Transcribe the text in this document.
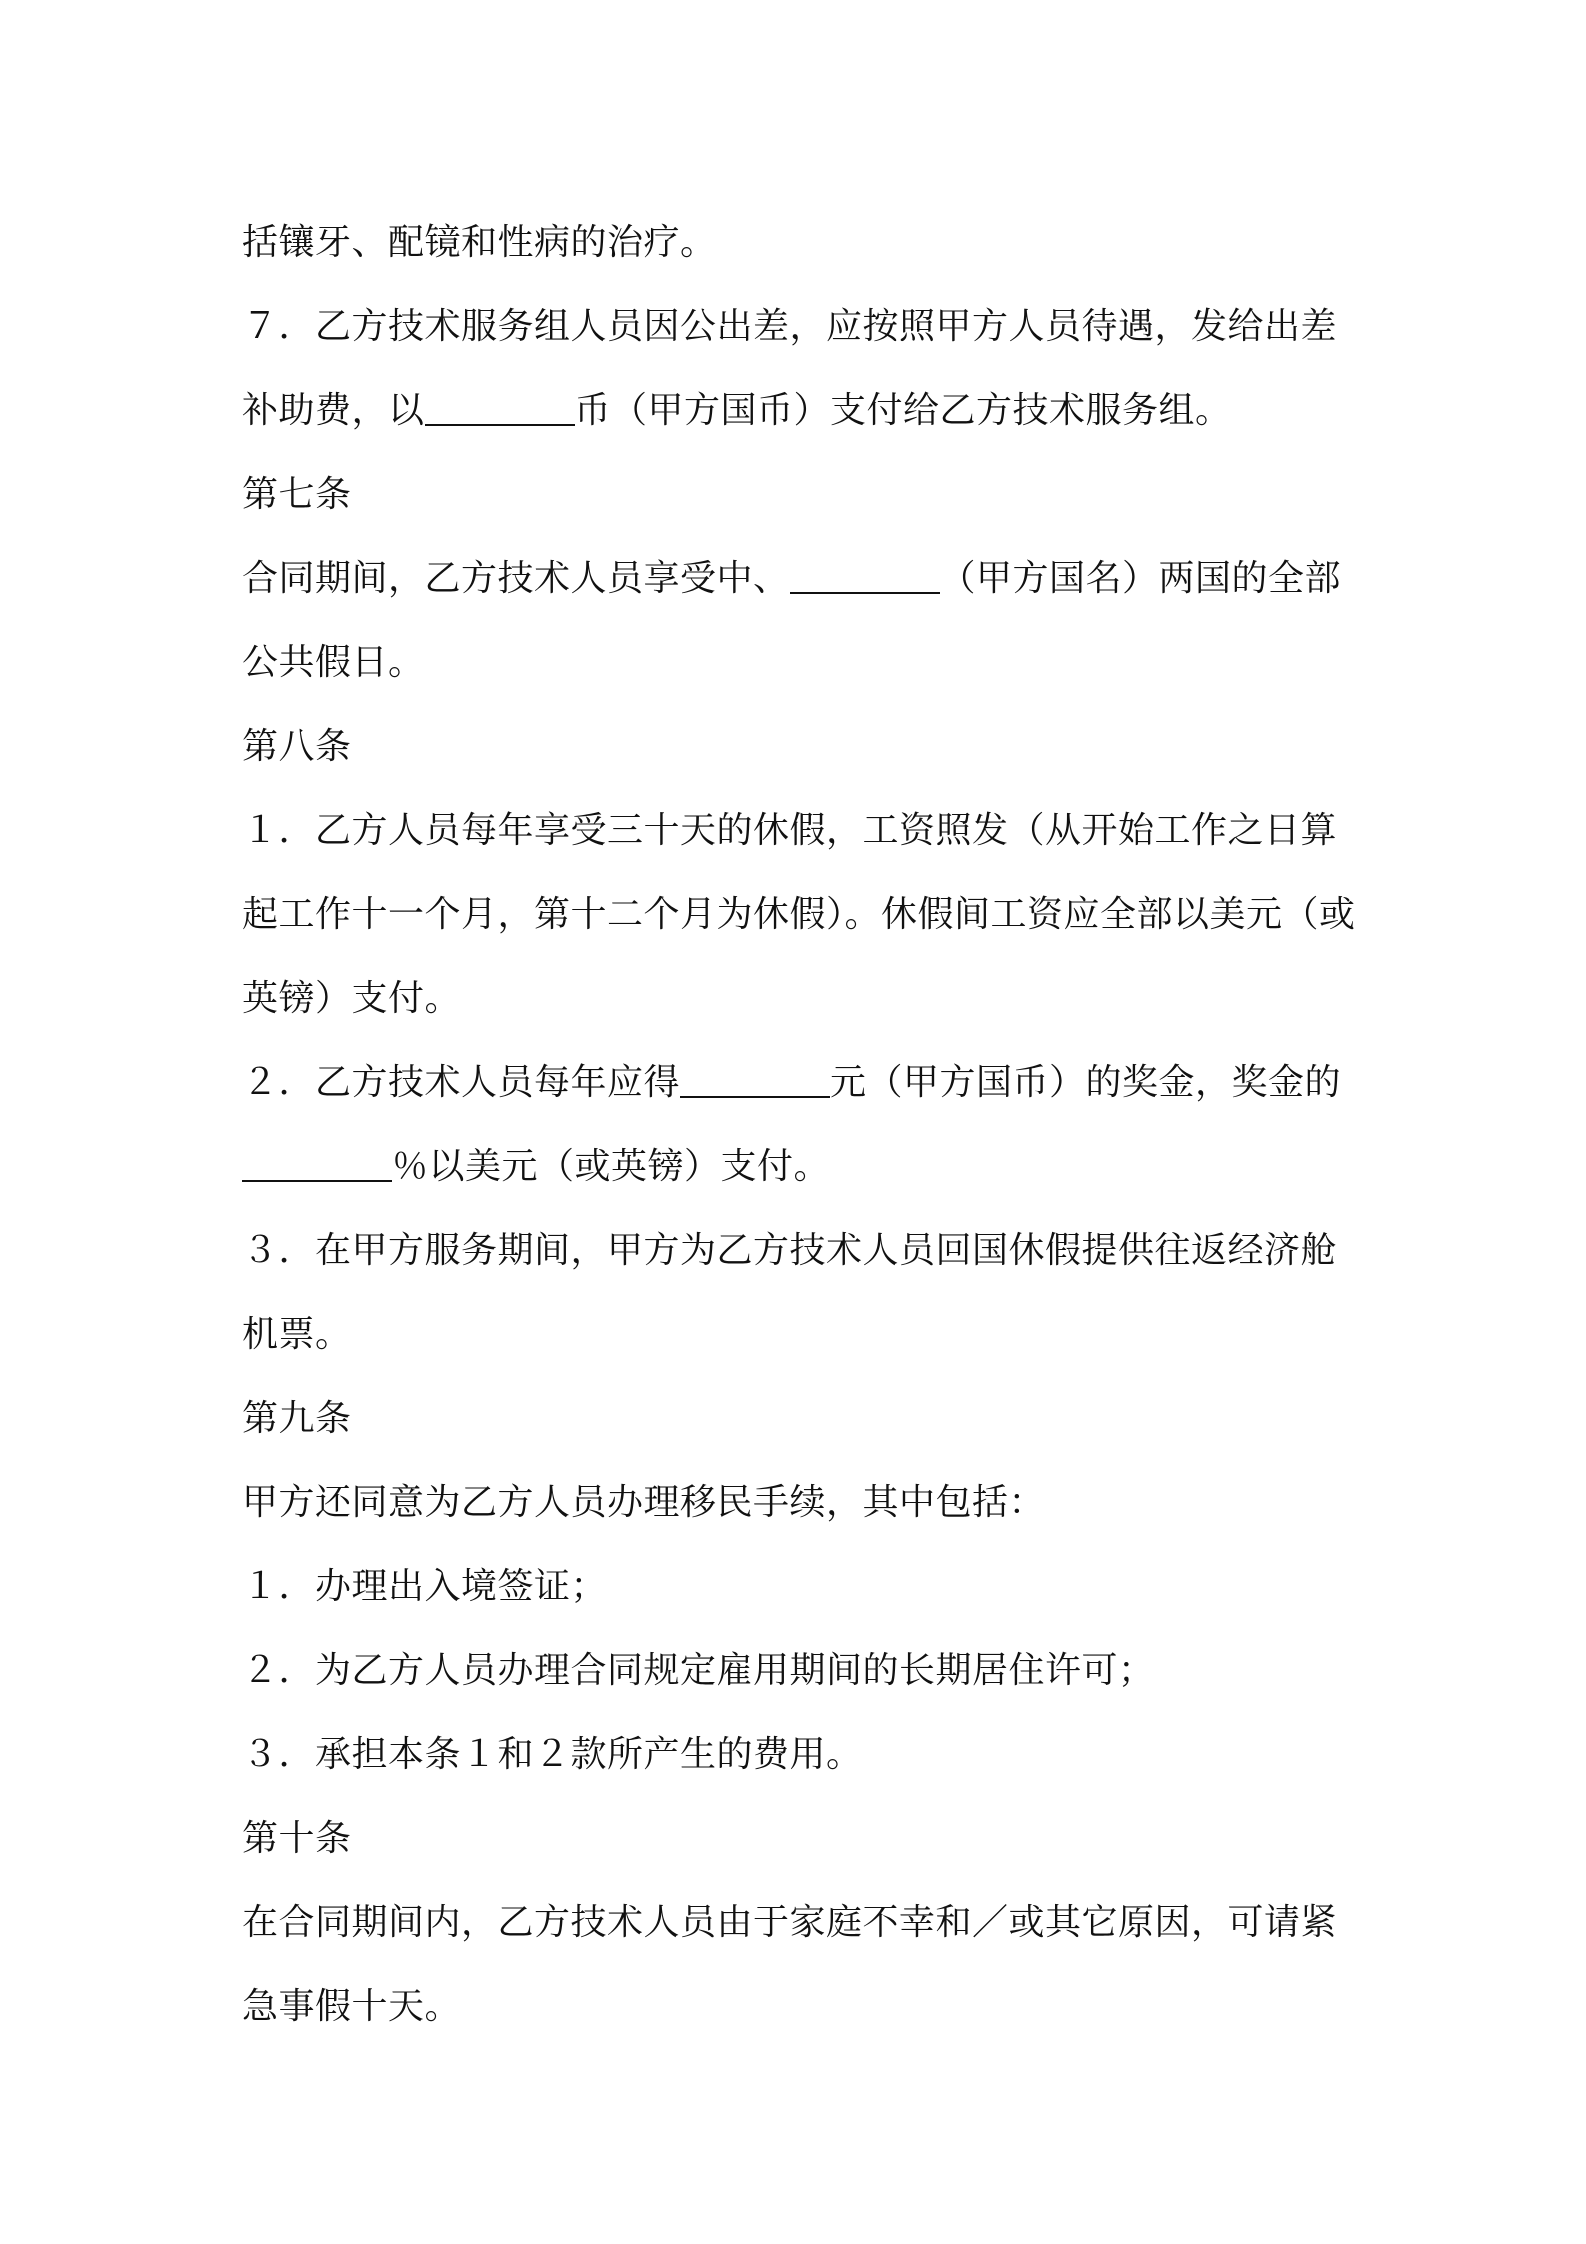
括镶牙、配镜和性病的治疗。
７．乙方技术服务组人员因公出差，应按照甲方人员待遇，发给出差
补助费，以	币（甲方国币）支付给乙方技术服务组。
第七条
合同期间，乙方技术人员享受中、	（甲方国名）两国的全部
公共假日。
第八条
１．乙方人员每年享受三十天的休假，工资照发（从开始工作之日算
起工作十一个月，第十二个月为休假）。休假间工资应全部以美元（或
英镑）支付。
２．乙方技术人员每年应得	元（甲方国币）的奖金，奖金的
％以美元（或英镑）支付。
３．在甲方服务期间，甲方为乙方技术人员回国休假提供往返经济舱
机票。
第九条
甲方还同意为乙方人员办理移民手续，其中包括：
１．办理出入境签证；
２．为乙方人员办理合同规定雇用期间的长期居住许可；
３．承担本条１和２款所产生的费用。
第十条
在合同期间内，乙方技术人员由于家庭不幸和／或其它原因，可请紧
急事假十天。
